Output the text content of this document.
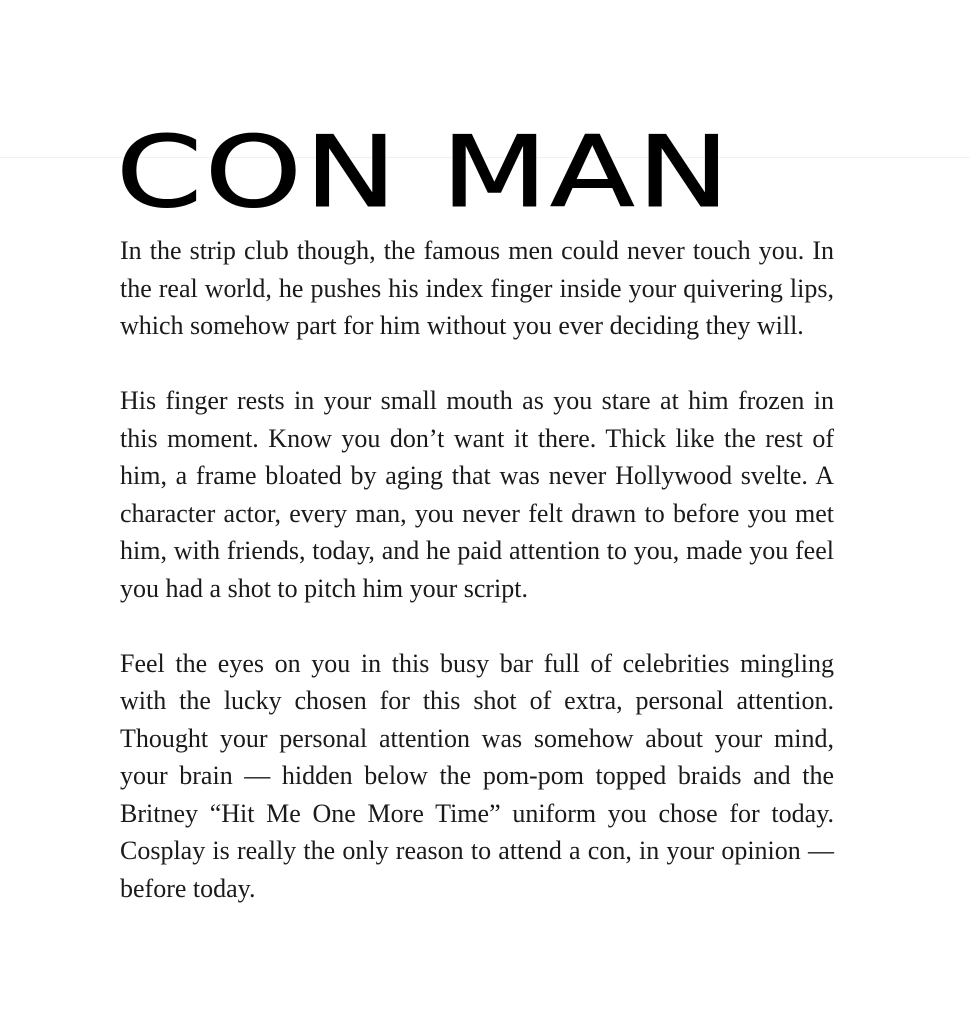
CON MAN

In the strip club though, the famous men could never touch you. In the real world, he pushes his index finger inside your quivering lips, which somehow part for him without you ever deciding they will.

His finger rests in your small mouth as you stare at him frozen in this moment. Know you don’t want it there. Thick like the rest of him, a frame bloated by aging that was never Hollywood svelte. A character actor, every man, you never felt drawn to before you met him, with friends, today, and he paid attention to you, made you feel you had a shot to pitch him your script.

Feel the eyes on you in this busy bar full of celebrities mingling with the lucky chosen for this shot of extra, personal attention. Thought your personal attention was somehow about your mind, your brain — hidden below the pom-pom topped braids and the Britney “Hit Me One More Time” uniform you chose for today. Cosplay is really the only reason to attend a con, in your opinion — before today.
